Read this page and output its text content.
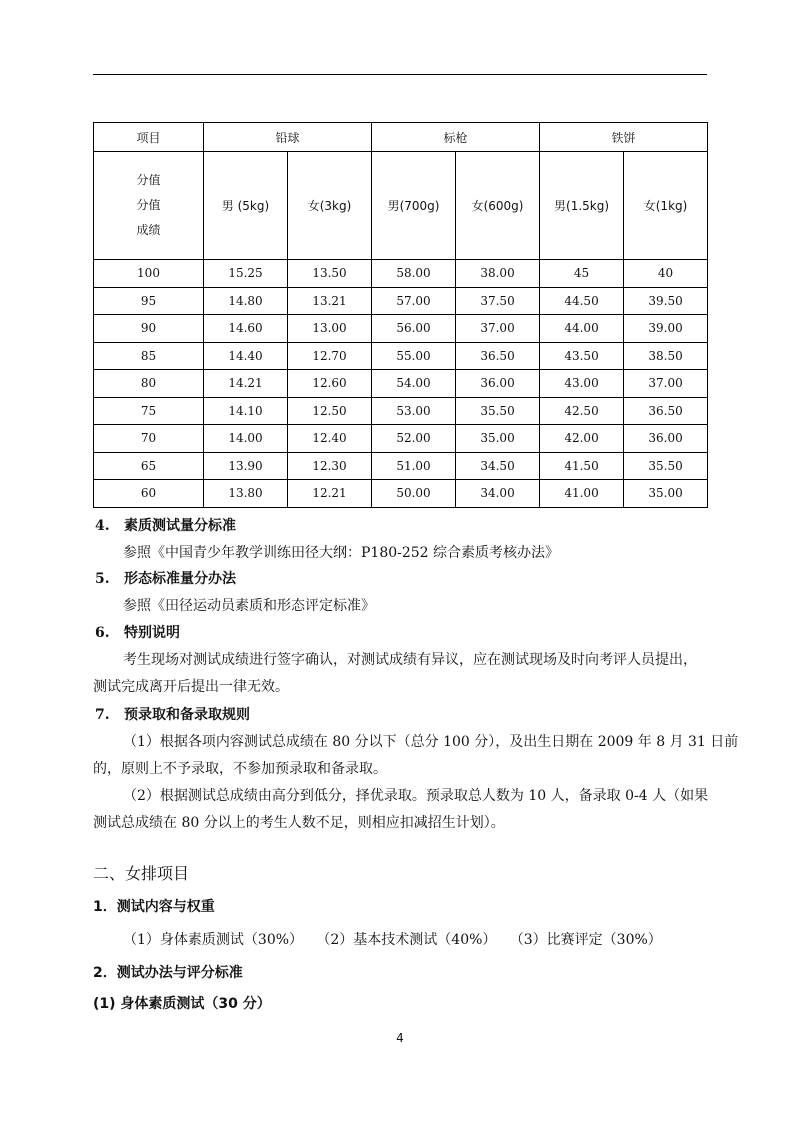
项目	铅球		标枪		铁饼	

分值
分值
成绩	男 (5kg)	女(3kg)	男(700g)	女(600g)	男(1.5kg)	女(1kg)
100	15.25	13.50	58.00	38.00	45	40
95	14.80	13.21	57.00	37.50	44.50	39.50
90	14.60	13.00	56.00	37.00	44.00	39.00
85	14.40	12.70	55.00	36.50	43.50	38.50
80	14.21	12.60	54.00	36.00	43.00	37.00
75	14.10	12.50	53.00	35.50	42.50	36.50
70	14.00	12.40	52.00	35.00	42.00	36.00
65	13.90	12.30	51.00	34.50	41.50	35.50
60	13.80	12.21	50.00	34.00	41.00	35.00
4. 素质测试量分标准
参照《中国青少年教学训练田径大纲：P180-252 综合素质考核办法》
5. 形态标准量分办法
参照《田径运动员素质和形态评定标准》
6. 特别说明
考生现场对测试成绩进行签字确认，对测试成绩有异议，应在测试现场及时向考评人员提出，
测试完成离开后提出一律无效。
7. 预录取和备录取规则
（1）根据各项内容测试总成绩在 80 分以下（总分 100 分），及出生日期在 2009 年 8 月 31 日前
的，原则上不予录取，不参加预录取和备录取。
（2）根据测试总成绩由高分到低分，择优录取。预录取总人数为 10 人，备录取 0-4 人（如果
测试总成绩在 80 分以上的考生人数不足，则相应扣减招生计划）。
二、女排项目
1．测试内容与权重
（1）身体素质测试（30%）   （2）基本技术测试（40%）   （3）比赛评定（30%）
2．测试办法与评分标准
(1) 身体素质测试（30 分）
4
